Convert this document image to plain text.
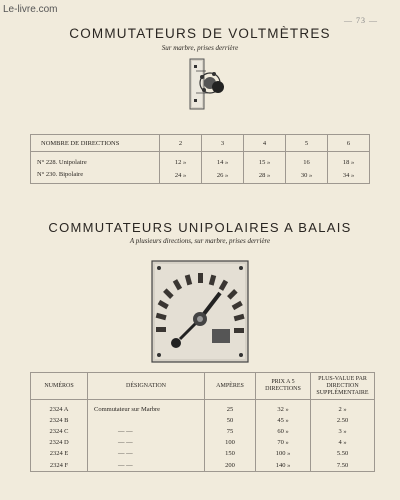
Le-livre.com
— 73 —
COMMUTATEURS DE VOLTMÈTRES
Sur marbre, prises derrière
NOMBRE DE DIRECTIONS	2	3	4	5	6
N° 228. Unipolaire	12 »	14 »	15 »	16	18 »
N° 230. Bipolaire	24 »	26 »	28 »	30 »	34 »
COMMUTATEURS UNIPOLAIRES A BALAIS
A plusieurs directions, sur marbre, prises derrière
NUMÉROS	DÉSIGNATION	AMPÈRES	PRIX A 5 DIRECTIONS	PLUS-VALUE PAR DIRECTION SUPPLÉMENTAIRE
2324 A	Commutateur sur Marbre	25	32 »	2 »
2324 B		50	45 »	2.50
2324 C	— —	75	60 »	3 »
2324 D	— —	100	70 »	4 »
2324 E	— —	150	100 »	5.50
2324 F	— —	200	140 »	7.50
